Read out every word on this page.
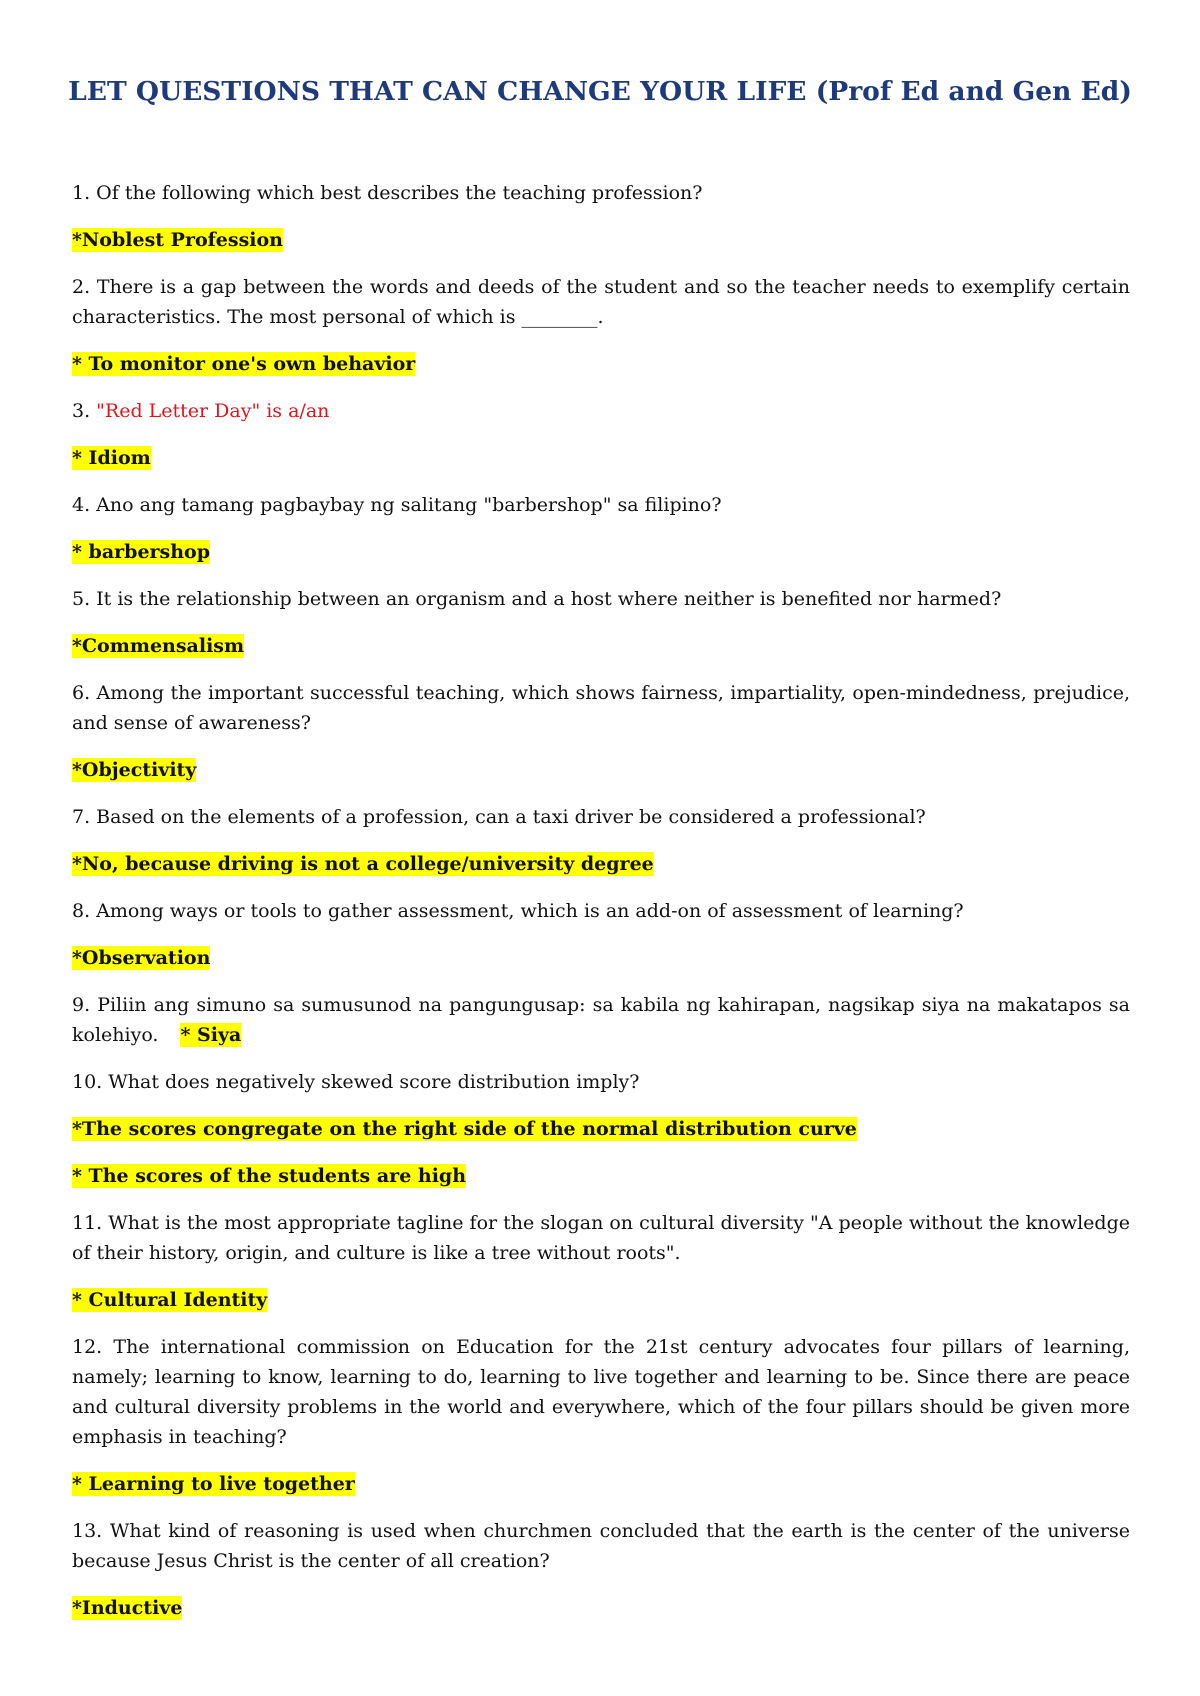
LET QUESTIONS THAT CAN CHANGE YOUR LIFE (Prof Ed and Gen Ed)

1. Of the following which best describes the teaching profession?

*Noblest Profession

2. There is a gap between the words and deeds of the student and so the teacher needs to exemplify certain characteristics. The most personal of which is ________.

* To monitor one's own behavior

3. "Red Letter Day" is a/an

* Idiom

4. Ano ang tamang pagbaybay ng salitang "barbershop" sa filipino?

* barbershop

5. It is the relationship between an organism and a host where neither is benefited nor harmed?

*Commensalism

6. Among the important successful teaching, which shows fairness, impartiality, open-mindedness, prejudice, and sense of awareness?

*Objectivity

7. Based on the elements of a profession, can a taxi driver be considered a professional?

*No, because driving is not a college/university degree

8. Among ways or tools to gather assessment, which is an add-on of assessment of learning?

*Observation

9. Piliin ang simuno sa sumusunod na pangungusap: sa kabila ng kahirapan, nagsikap siya na makatapos sa kolehiyo. * Siya

10. What does negatively skewed score distribution imply?

*The scores congregate on the right side of the normal distribution curve

* The scores of the students are high

11. What is the most appropriate tagline for the slogan on cultural diversity "A people without the knowledge of their history, origin, and culture is like a tree without roots".

* Cultural Identity

12. The international commission on Education for the 21st century advocates four pillars of learning, namely; learning to know, learning to do, learning to live together and learning to be. Since there are peace and cultural diversity problems in the world and everywhere, which of the four pillars should be given more emphasis in teaching?

* Learning to live together

13. What kind of reasoning is used when churchmen concluded that the earth is the center of the universe because Jesus Christ is the center of all creation?

*Inductive
